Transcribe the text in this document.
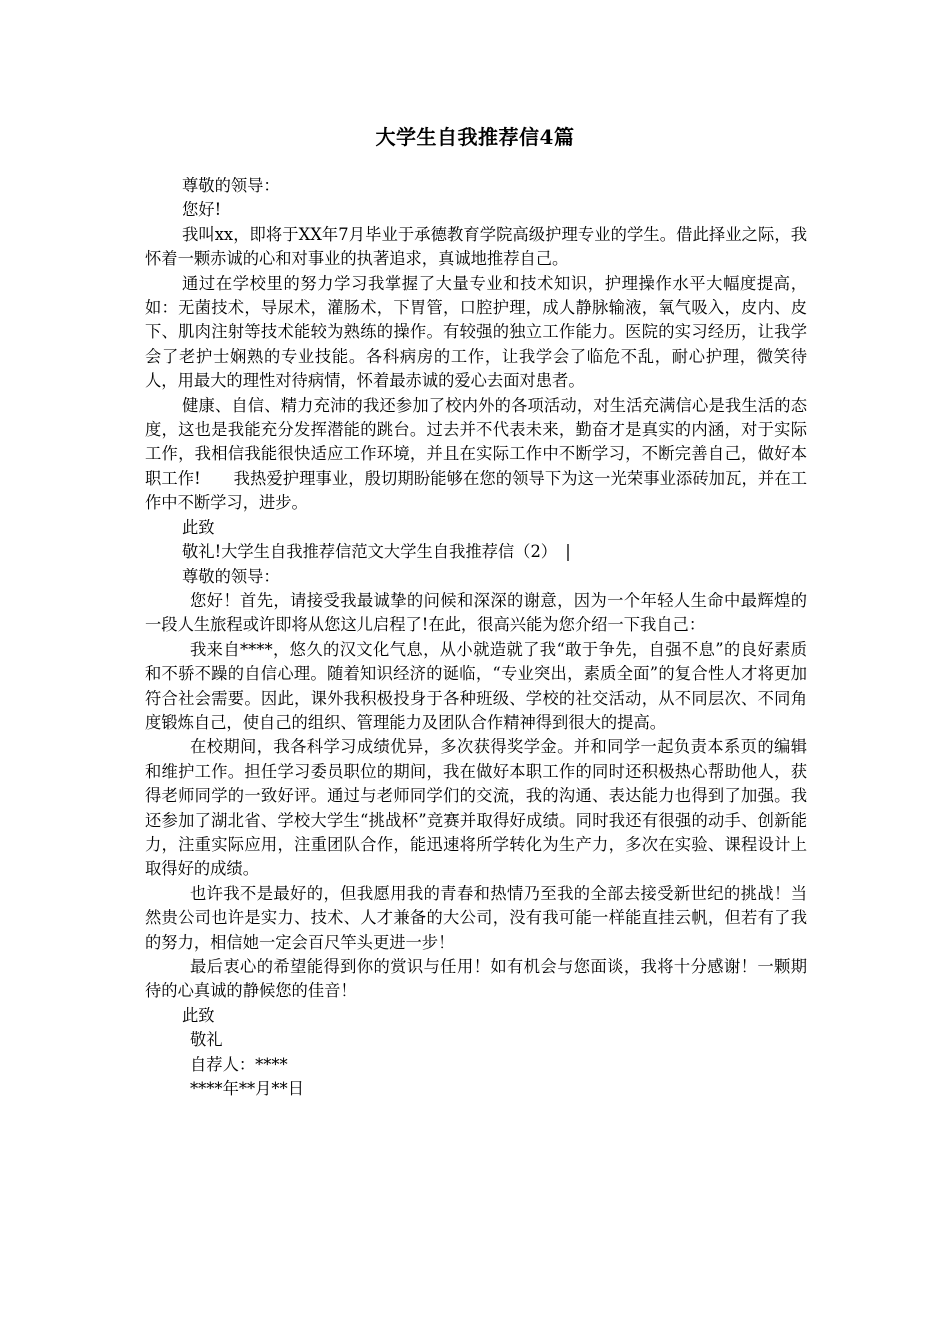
大学生自我推荐信4篇

尊敬的领导：

您好!

我叫xx，即将于XX年7月毕业于承德教育学院高级护理专业的学生。借此择业之际，我怀着一颗赤诚的心和对事业的执著追求，真诚地推荐自己。

通过在学校里的努力学习我掌握了大量专业和技术知识，护理操作水平大幅度提高，如：无菌技术，导尿术，灌肠术，下胃管，口腔护理，成人静脉输液，氧气吸入，皮内、皮下、肌肉注射等技术能较为熟练的操作。有较强的独立工作能力。医院的实习经历，让我学会了老护士娴熟的专业技能。各科病房的工作，让我学会了临危不乱，耐心护理，微笑待人，用最大的理性对待病情，怀着最赤诚的爱心去面对患者。

健康、自信、精力充沛的我还参加了校内外的各项活动，对生活充满信心是我生活的态度，这也是我能充分发挥潜能的跳台。过去并不代表未来，勤奋才是真实的内涵，对于实际工作，我相信我能很快适应工作环境，并且在实际工作中不断学习，不断完善自己，做好本职工作!　　我热爱护理事业，殷切期盼能够在您的领导下为这一光荣事业添砖加瓦，并在工作中不断学习，进步。

此致

敬礼!大学生自我推荐信范文大学生自我推荐信（2）　|

尊敬的领导：

您好！首先，请接受我最诚挚的问候和深深的谢意，因为一个年轻人生命中最辉煌的一段人生旅程或许即将从您这儿启程了!在此，很高兴能为您介绍一下我自己：

我来自****，悠久的汉文化气息，从小就造就了我“敢于争先，自强不息”的良好素质和不骄不躁的自信心理。随着知识经济的诞临，“专业突出，素质全面”的复合性人才将更加符合社会需要。因此，课外我积极投身于各种班级、学校的社交活动，从不同层次、不同角度锻炼自己，使自己的组织、管理能力及团队合作精神得到很大的提高。

在校期间，我各科学习成绩优异，多次获得奖学金。并和同学一起负责本系页的编辑和维护工作。担任学习委员职位的期间，我在做好本职工作的同时还积极热心帮助他人，获得老师同学的一致好评。通过与老师同学们的交流，我的沟通、表达能力也得到了加强。我还参加了湖北省、学校大学生“挑战杯”竞赛并取得好成绩。同时我还有很强的动手、创新能力，注重实际应用，注重团队合作，能迅速将所学转化为生产力，多次在实验、课程设计上取得好的成绩。

也许我不是最好的，但我愿用我的青春和热情乃至我的全部去接受新世纪的挑战！当然贵公司也许是实力、技术、人才兼备的大公司，没有我可能一样能直挂云帆，但若有了我的努力，相信她一定会百尺竿头更进一步！

最后衷心的希望能得到你的赏识与任用！如有机会与您面谈，我将十分感谢！一颗期待的心真诚的静候您的佳音！

此致

敬礼

自荐人：****

****年**月**日
